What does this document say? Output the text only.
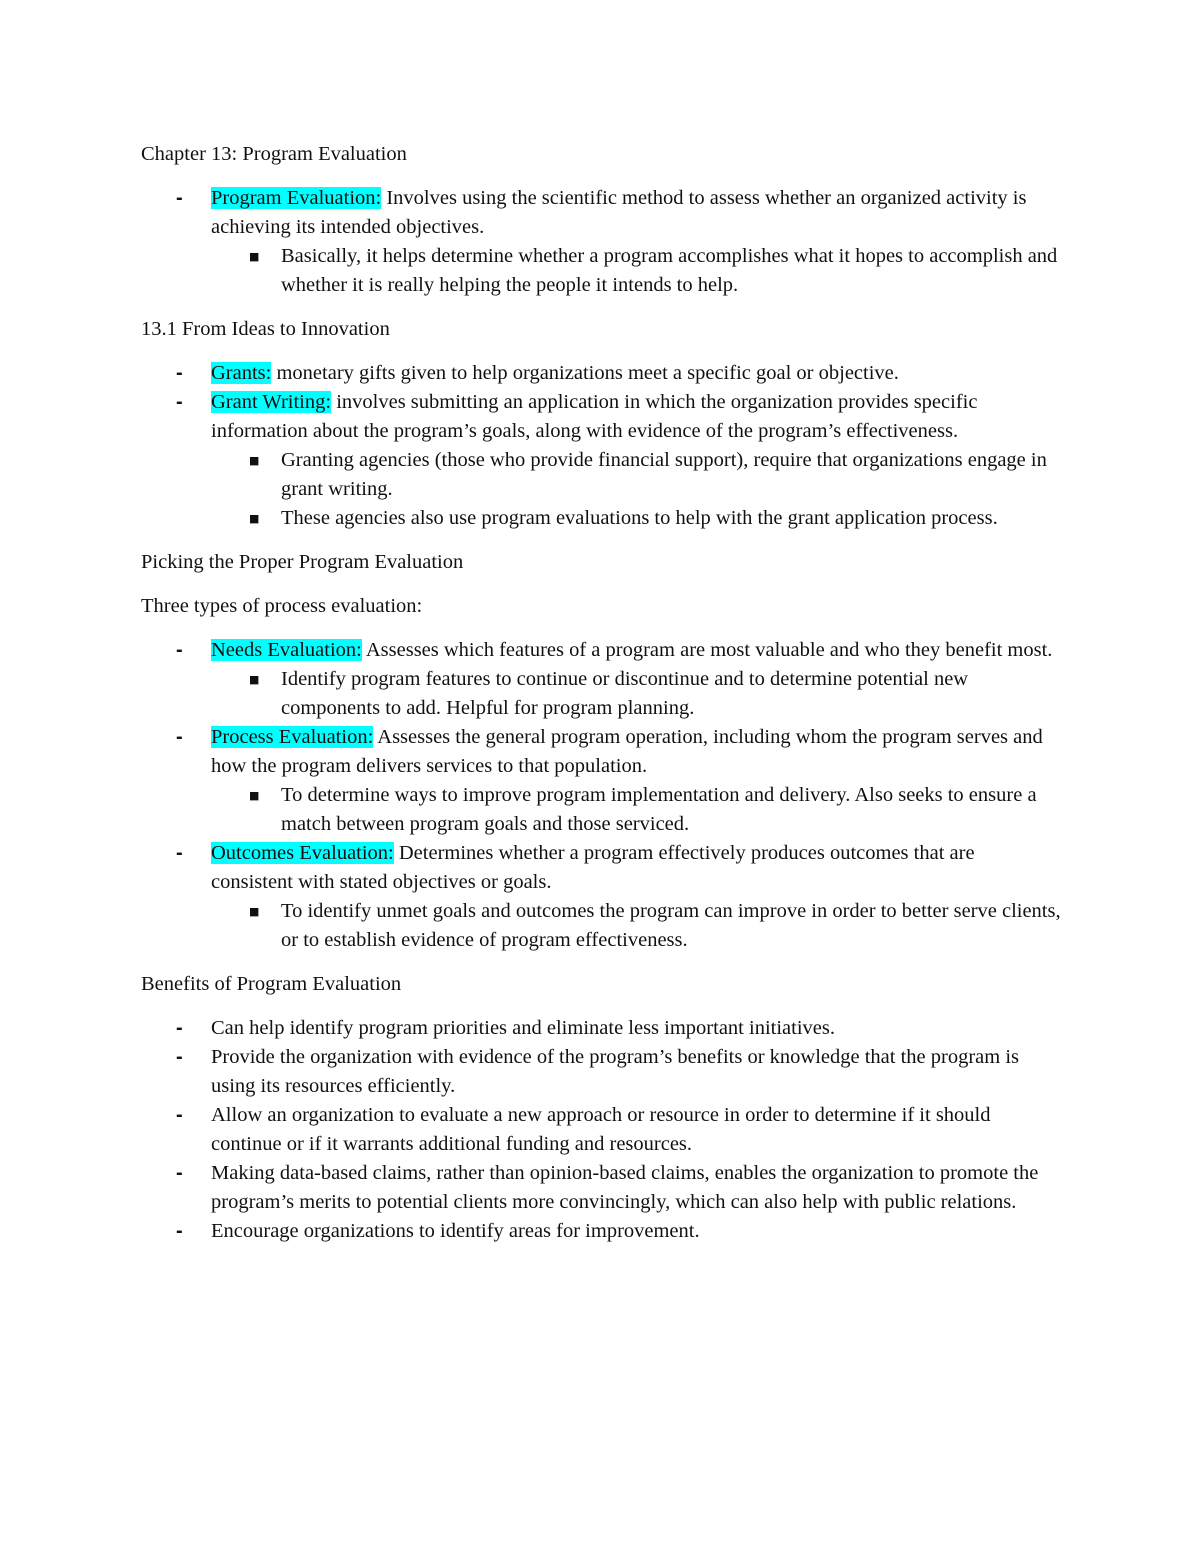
Chapter 13: Program Evaluation

- Program Evaluation: Involves using the scientific method to assess whether an organized activity is achieving its intended objectives.
■ Basically, it helps determine whether a program accomplishes what it hopes to accomplish and whether it is really helping the people it intends to help.

13.1 From Ideas to Innovation

- Grants: monetary gifts given to help organizations meet a specific goal or objective.
- Grant Writing: involves submitting an application in which the organization provides specific information about the program’s goals, along with evidence of the program’s effectiveness.
■ Granting agencies (those who provide financial support), require that organizations engage in grant writing.
■ These agencies also use program evaluations to help with the grant application process.

Picking the Proper Program Evaluation

Three types of process evaluation:

- Needs Evaluation: Assesses which features of a program are most valuable and who they benefit most.
■ Identify program features to continue or discontinue and to determine potential new components to add. Helpful for program planning.
- Process Evaluation: Assesses the general program operation, including whom the program serves and how the program delivers services to that population.
■ To determine ways to improve program implementation and delivery. Also seeks to ensure a match between program goals and those serviced.
- Outcomes Evaluation: Determines whether a program effectively produces outcomes that are consistent with stated objectives or goals.
■ To identify unmet goals and outcomes the program can improve in order to better serve clients, or to establish evidence of program effectiveness.

Benefits of Program Evaluation

- Can help identify program priorities and eliminate less important initiatives.
- Provide the organization with evidence of the program’s benefits or knowledge that the program is using its resources efficiently.
- Allow an organization to evaluate a new approach or resource in order to determine if it should continue or if it warrants additional funding and resources.
- Making data-based claims, rather than opinion-based claims, enables the organization to promote the program’s merits to potential clients more convincingly, which can also help with public relations.
- Encourage organizations to identify areas for improvement.
